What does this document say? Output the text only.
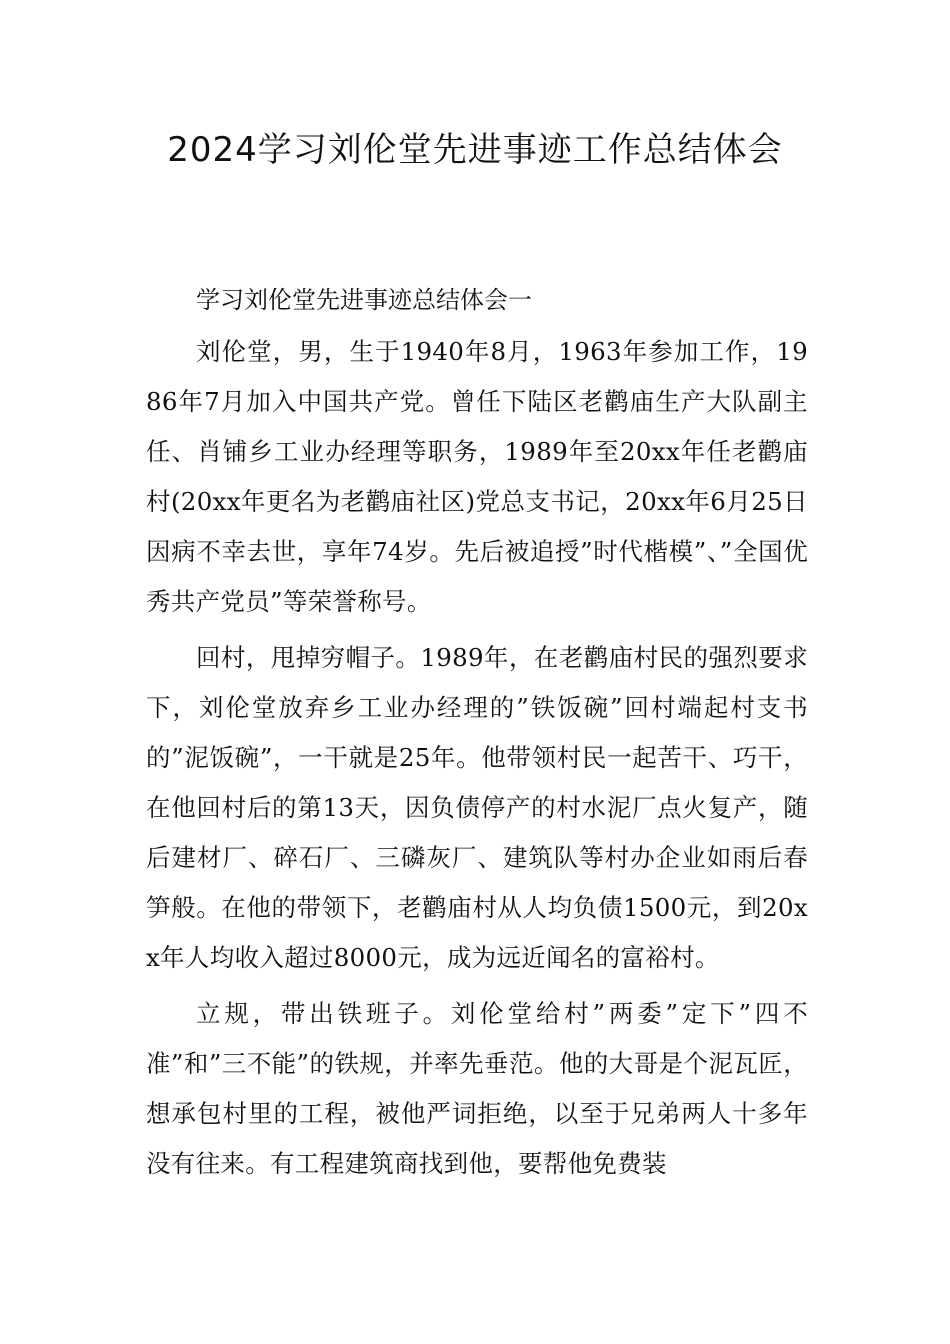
2024学习刘伦堂先进事迹工作总结体会

学习刘伦堂先进事迹总结体会一

刘伦堂，男，生于1940年8月，1963年参加工作，1986年7月加入中国共产党。曾任下陆区老鹳庙生产大队副主任、肖铺乡工业办经理等职务，1989年至20xx年任老鹳庙村(20xx年更名为老鹳庙社区)党总支书记，20xx年6月25日因病不幸去世，享年74岁。先后被追授”时代楷模”、”全国优秀共产党员”等荣誉称号。

回村，甩掉穷帽子。1989年，在老鹳庙村民的强烈要求下，刘伦堂放弃乡工业办经理的”铁饭碗”回村端起村支书的”泥饭碗”，一干就是25年。他带领村民一起苦干、巧干，在他回村后的第13天，因负债停产的村水泥厂点火复产，随后建材厂、碎石厂、三磷灰厂、建筑队等村办企业如雨后春笋般。在他的带领下，老鹳庙村从人均负债1500元，到20xx年人均收入超过8000元，成为远近闻名的富裕村。

立规，带出铁班子。刘伦堂给村”两委”定下”四不准”和”三不能”的铁规，并率先垂范。他的大哥是个泥瓦匠，想承包村里的工程，被他严词拒绝，以至于兄弟两人十多年没有往来。有工程建筑商找到他，要帮他免费装
